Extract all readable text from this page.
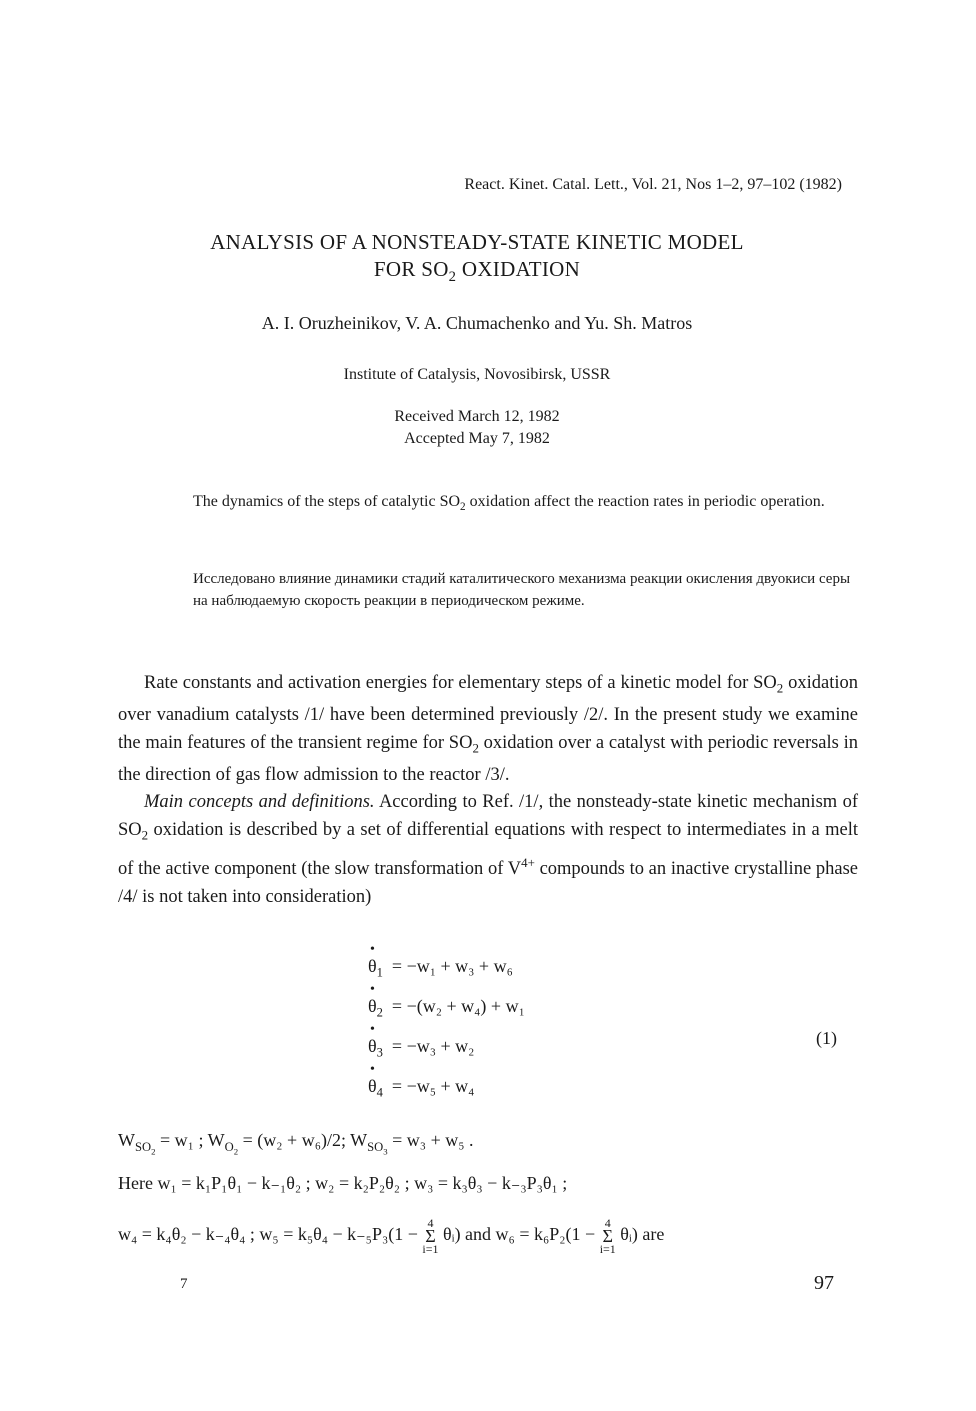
React. Kinet. Catal. Lett., Vol. 21, Nos 1–2, 97–102 (1982)
ANALYSIS OF A NONSTEADY-STATE KINETIC MODEL
FOR $SO_2$ OXIDATION
A. I. Oruzheinikov, V. A. Chumachenko and Yu. Sh. Matros
Institute of Catalysis, Novosibirsk, USSR
Received March 12, 1982
Accepted May 7, 1982
The dynamics of the steps of catalytic $SO_2$ oxidation affect the reaction rates in periodic operation.
Исследовано влияние динамики стадий каталитического механизма реакции окисления двуокиси серы на наблюдаемую скорость реакции в периодическом режиме.

Rate constants and activation energies for elementary steps of a kinetic model for $SO_2$ oxidation over vanadium catalysts /1/ have been determined previously /2/. In the present study we examine the main features of the transient regime for $SO_2$ oxidation over a catalyst with periodic reversals in the direction of gas flow admission to the reactor /3/.

Main concepts and definitions. According to Ref. /1/, the nonsteady-state kinetic mechanism of $SO_2$ oxidation is described by a set of differential equations with respect to intermediates in a melt of the active component (the slow transformation of $V^{4+}$ compounds to an inactive crystalline phase /4/ is not taken into consideration)

• $\theta_1 = -w_1 + w_3 + w_6$
• $\theta_2 = -(w_2 + w_4) + w_1$
• $\theta_3 = -w_3 + w_2$
• $\theta_4 = -w_5 + w_4$
(1)
$W_{SO_2} = w_1$ ; $W_{O_2} = (w_2 + w_6)/2$; $W_{SO_3} = w_3 + w_5$ .
Here w₁ = k₁P₁θ₁ − k₋₁θ₂ ; w₂ = k₂P₂θ₂ ; w₃ = k₃θ₃ − k₋₃P₃θ₁ ;
w₄ = k₄θ₂ − k₋₄θ₄ ; w₅ = k₅θ₄ − k₋₅P₃(1 −
4
Σ
i=1
θᵢ) and w₆ = k₆P₂(1 −
4
Σ
i=1
θᵢ) are
7	97
